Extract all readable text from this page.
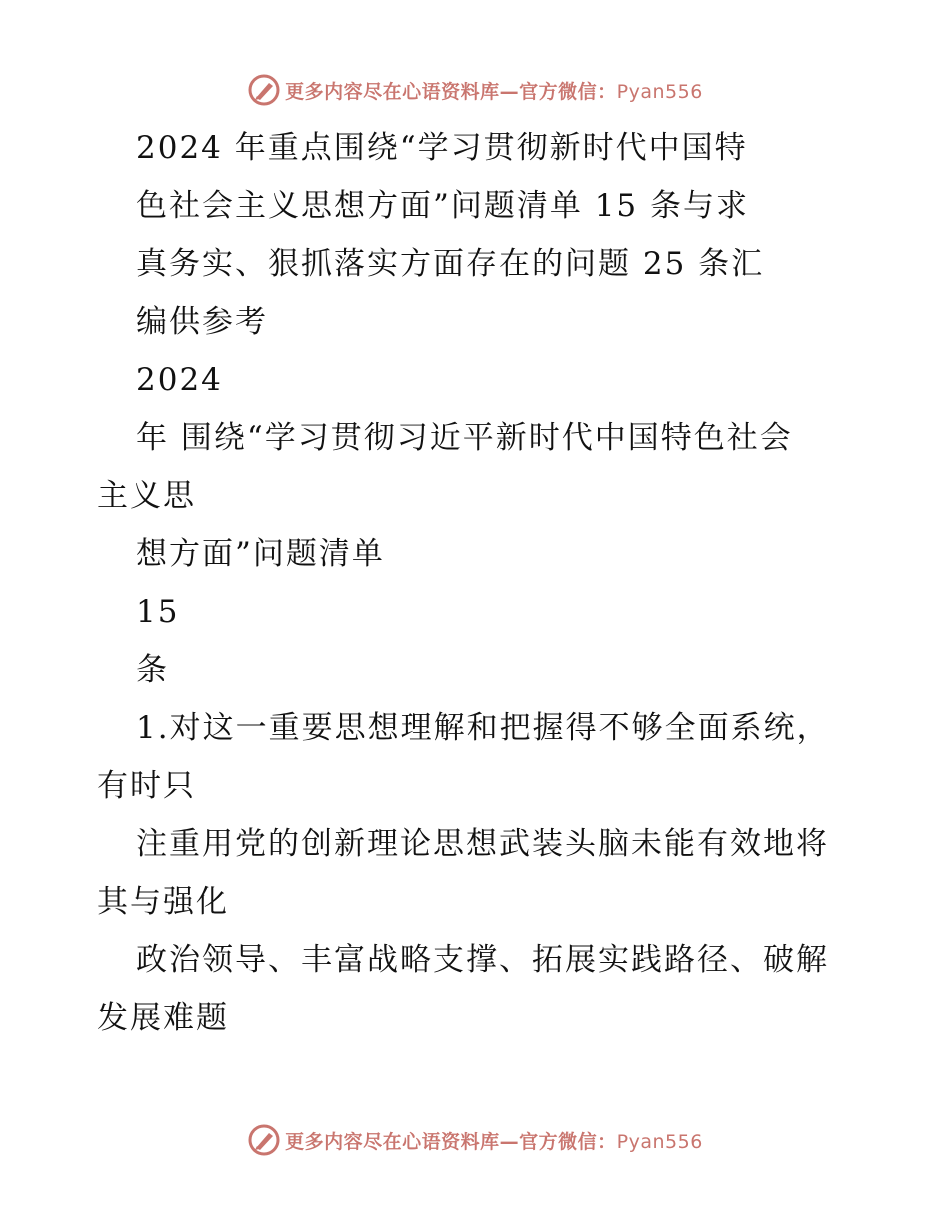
更多内容尽在心语资料库—官方微信：Pyan556
2024 年重点围绕“学习贯彻新时代中国特
色社会主义思想方面”问题清单 15 条与求
真务实、狠抓落实方面存在的问题 25 条汇
编供参考
2024
年 围绕“学习贯彻习近平新时代中国特色社会
主义思
想方面”问题清单
15
条
1.对这一重要思想理解和把握得不够全面系统，
有时只
注重用党的创新理论思想武装头脑未能有效地将
其与强化
政治领导、丰富战略支撑、拓展实践路径、破解
发展难题
更多内容尽在心语资料库—官方微信：Pyan556
